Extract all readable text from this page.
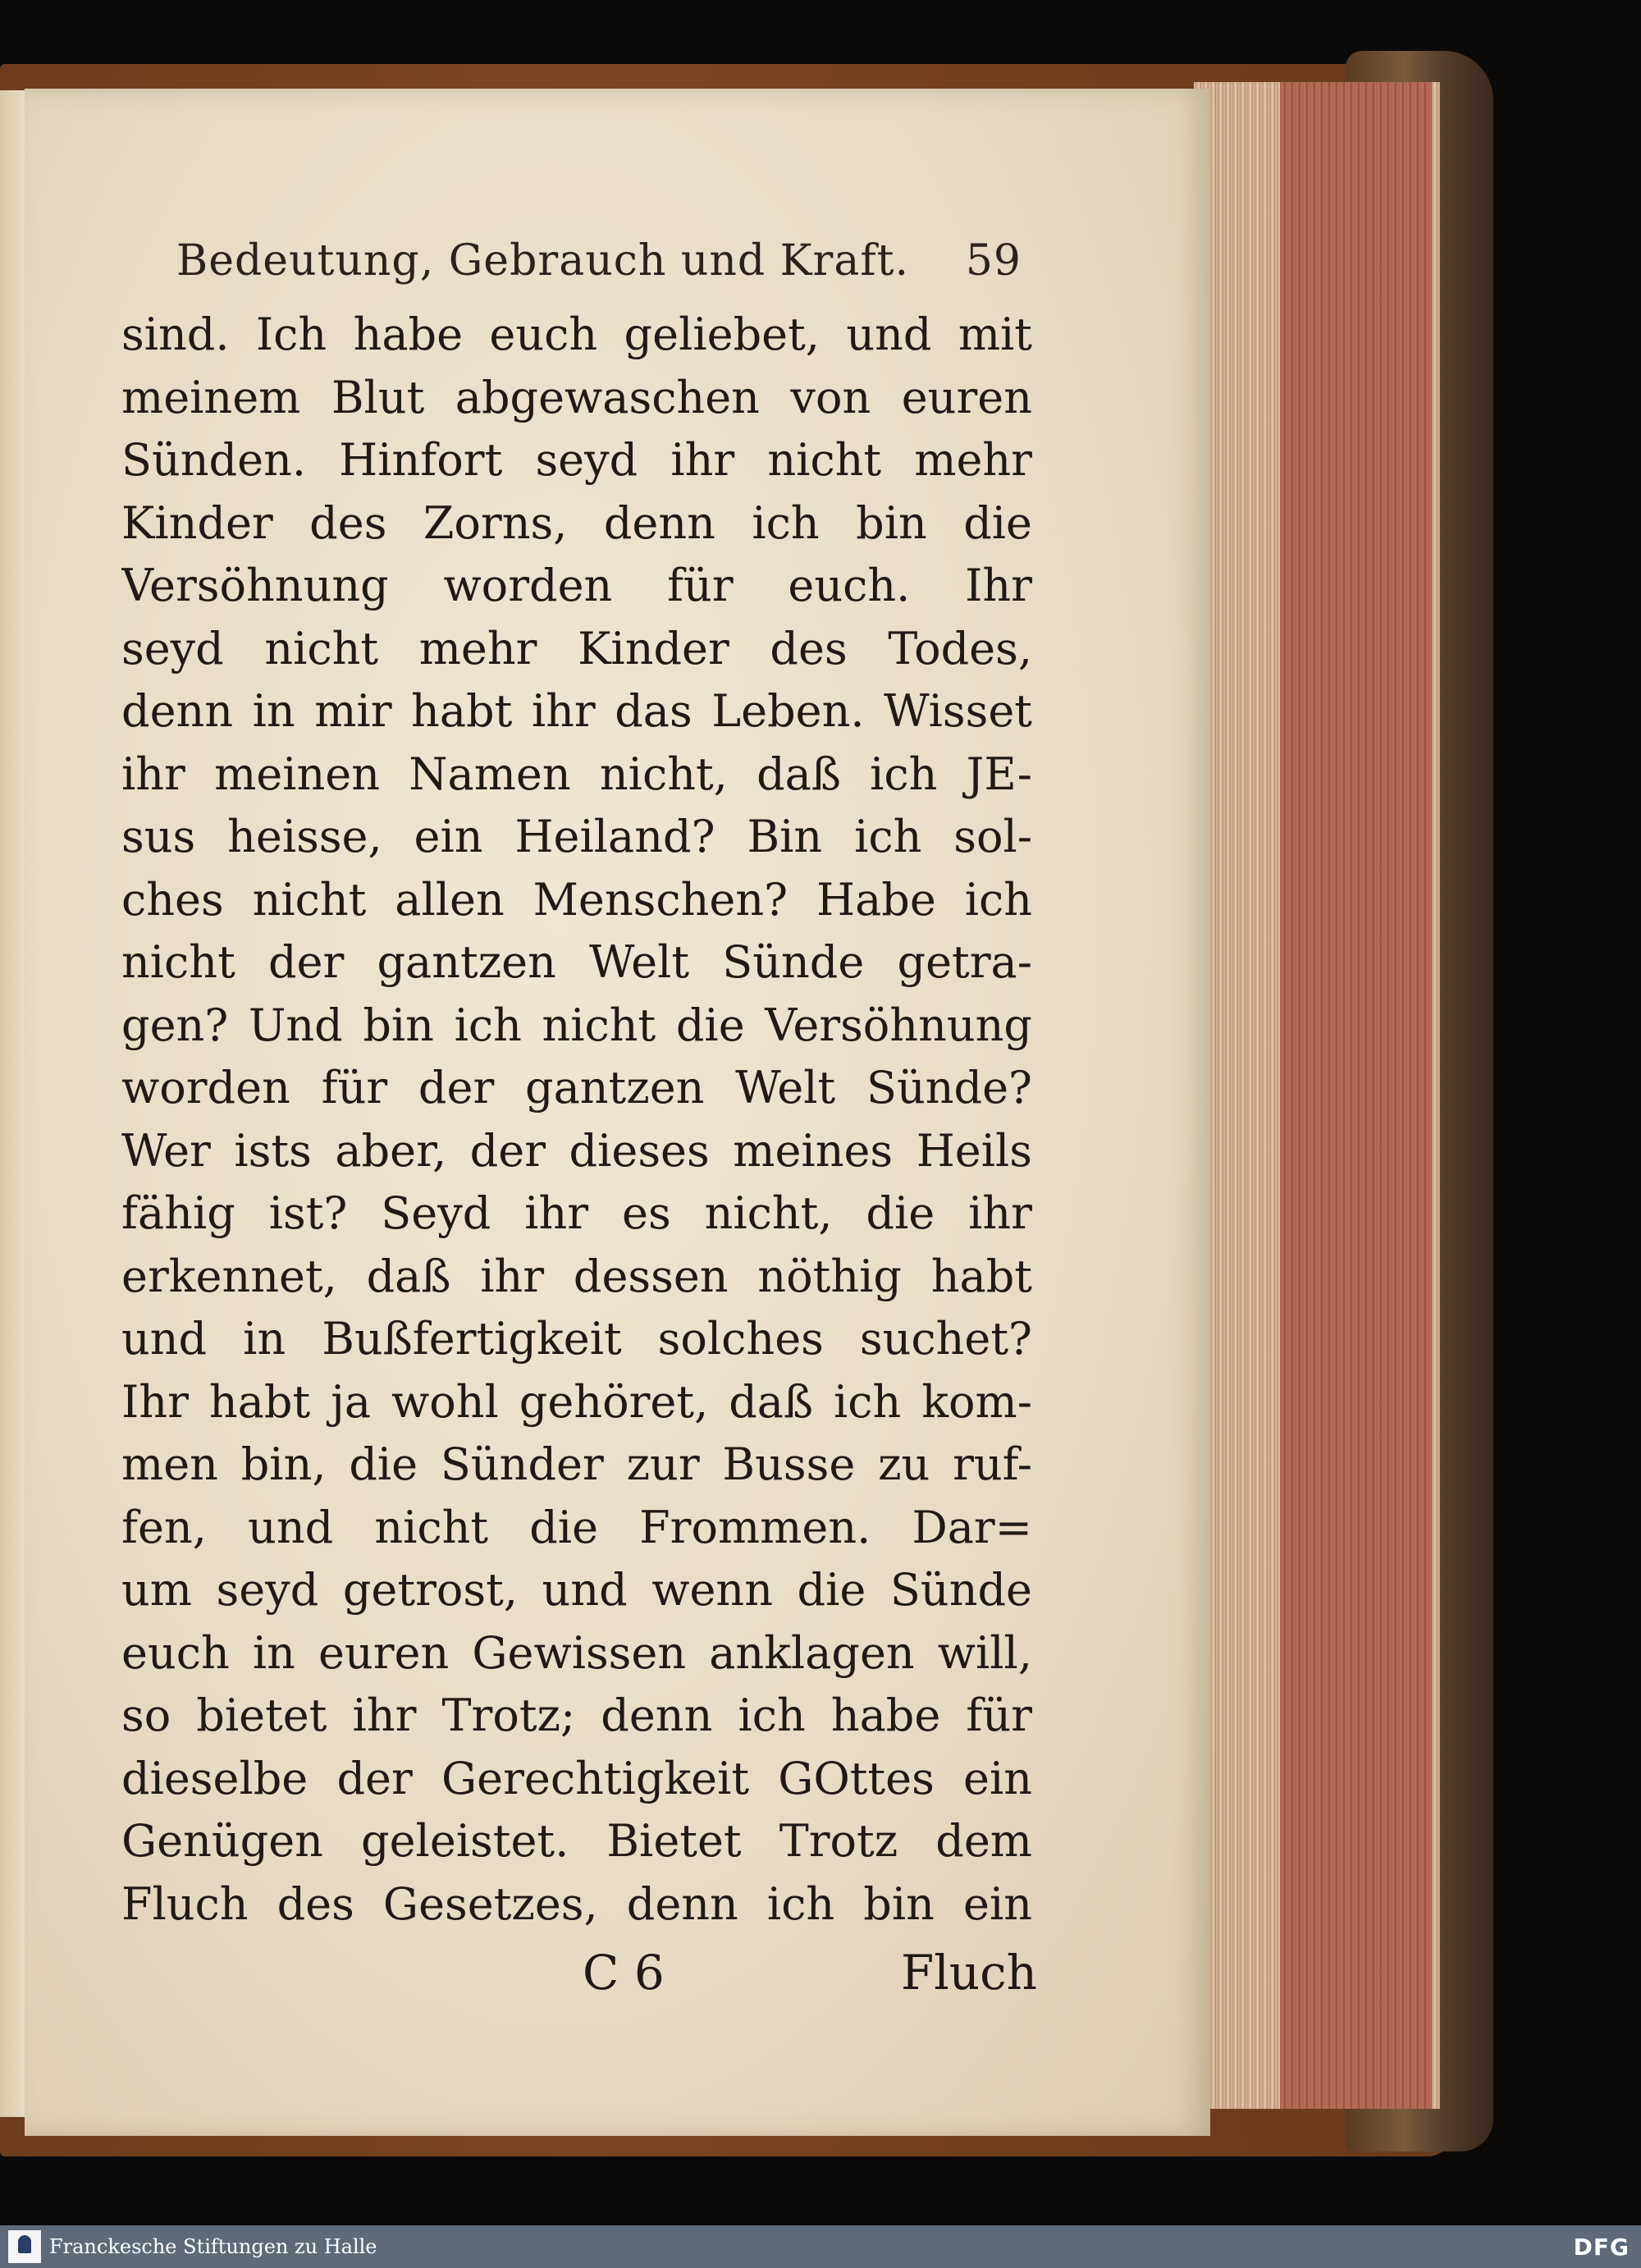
Bedeutung, Gebrauch und Kraft. 59
sind. Ich habe euch geliebet, und mit
meinem Blut abgewaschen von euren
Sünden. Hinfort seyd ihr nicht mehr
Kinder des Zorns, denn ich bin die
Versöhnung worden für euch. Ihr
seyd nicht mehr Kinder des Todes,
denn in mir habt ihr das Leben. Wisset
ihr meinen Namen nicht, daß ich JE-
sus heisse, ein Heiland? Bin ich sol-
ches nicht allen Menschen? Habe ich
nicht der gantzen Welt Sünde getra-
gen? Und bin ich nicht die Versöhnung
worden für der gantzen Welt Sünde?
Wer ists aber, der dieses meines Heils
fähig ist? Seyd ihr es nicht, die ihr
erkennet, daß ihr dessen nöthig habt
und in Bußfertigkeit solches suchet?
Ihr habt ja wohl gehöret, daß ich kom-
men bin, die Sünder zur Busse zu ruf-
fen, und nicht die Frommen. Dar=
um seyd getrost, und wenn die Sünde
euch in euren Gewissen anklagen will,
so bietet ihr Trotz; denn ich habe für
dieselbe der Gerechtigkeit GOttes ein
Genügen geleistet. Bietet Trotz dem
Fluch des Gesetzes, denn ich bin ein
C 6	Fluch
Franckesche Stiftungen zu Halle	DFG
